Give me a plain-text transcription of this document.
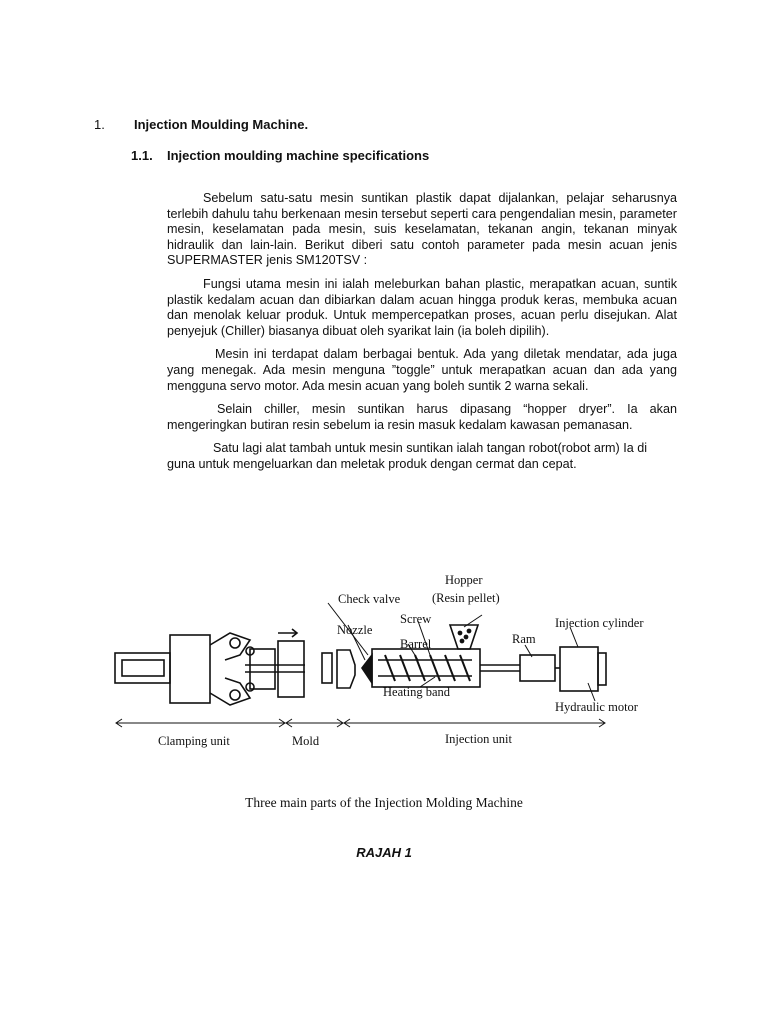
1. Injection Moulding Machine.
1.1. Injection moulding machine specifications

Sebelum satu-satu mesin suntikan plastik dapat dijalankan, pelajar seharusnya terlebih dahulu tahu berkenaan mesin tersebut seperti cara pengendalian mesin, parameter mesin, keselamatan pada mesin, suis keselamatan, tekanan angin, tekanan minyak hidraulik dan lain-lain. Berikut diberi satu contoh parameter pada mesin acuan jenis SUPERMASTER jenis SM120TSV :

Fungsi utama mesin ini ialah meleburkan bahan plastic, merapatkan acuan, suntik plastik kedalam acuan dan dibiarkan dalam acuan hingga produk keras, membuka acuan dan menolak keluar produk. Untuk mempercepatkan proses, acuan perlu disejukan. Alat penyejuk (Chiller) biasanya dibuat oleh syarikat lain (ia boleh dipilih).

Mesin ini terdapat dalam berbagai bentuk. Ada yang diletak mendatar, ada juga yang menegak. Ada mesin menguna ”toggle” untuk merapatkan acuan dan ada yang mengguna servo motor. Ada mesin acuan yang boleh suntik 2 warna sekali.

Selain chiller, mesin suntikan harus dipasang “hopper dryer”. Ia akan mengeringkan butiran resin sebelum ia resin masuk kedalam kawasan pemanasan.

Satu lagi alat tambah untuk mesin suntikan ialah tangan robot(robot arm) Ia di guna untuk mengeluarkan dan meletak produk dengan cermat dan cepat.

Hopper
(Resin pellet)
Check valve
Screw
Nozzle
Barrel	Ram
Injection cylinder
Heating band
Hydraulic motor
Clamping unit	Mold	Injection unit
Three main parts of the Injection Molding Machine
RAJAH 1
